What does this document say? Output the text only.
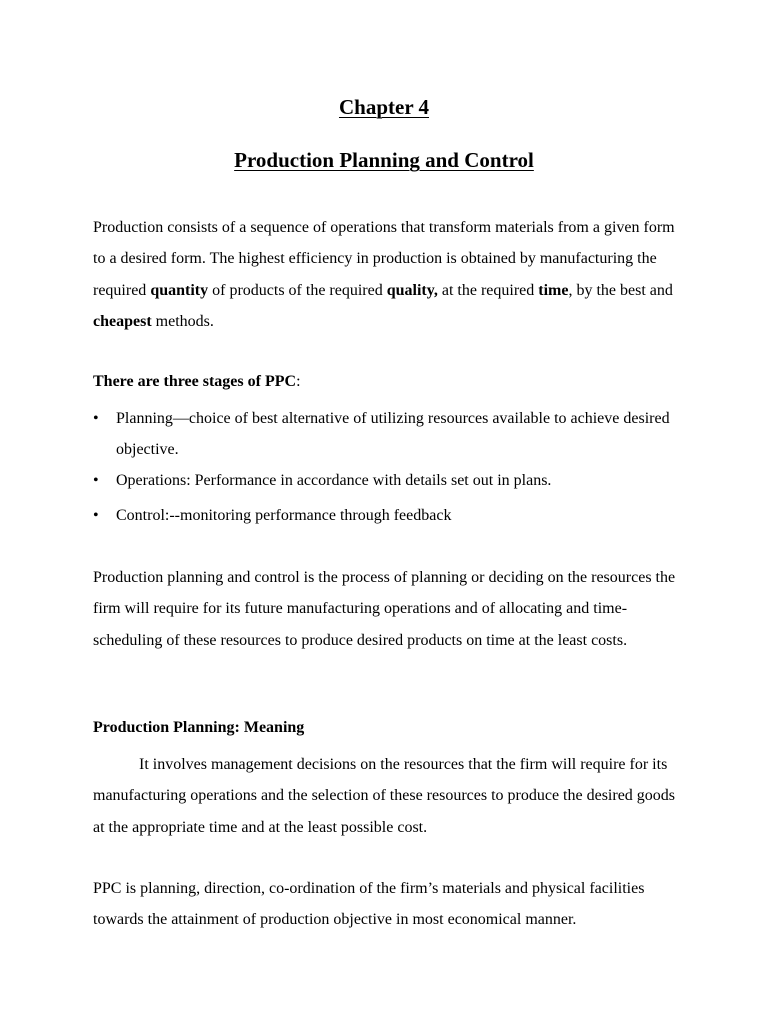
Chapter 4
Production Planning and Control

Production consists of a sequence of operations that transform materials from a given form to a desired form. The highest efficiency in production is obtained by manufacturing the required quantity of products of the required quality, at the required time, by the best and cheapest methods.

There are three stages of PPC:

•	Planning—choice of best alternative of utilizing resources available to achieve desired objective.
•	Operations: Performance in accordance with details set out in plans.
•	Control:--monitoring performance through feedback

Production planning and control is the process of planning or deciding on the resources the firm will require for its future manufacturing operations and of allocating and time-scheduling of these resources to produce desired products on time at the least costs.

Production Planning: Meaning

It involves management decisions on the resources that the firm will require for its manufacturing operations and the selection of these resources to produce the desired goods at the appropriate time and at the least possible cost.

PPC is planning, direction, co-ordination of the firm’s materials and physical facilities towards the attainment of production objective in most economical manner.
